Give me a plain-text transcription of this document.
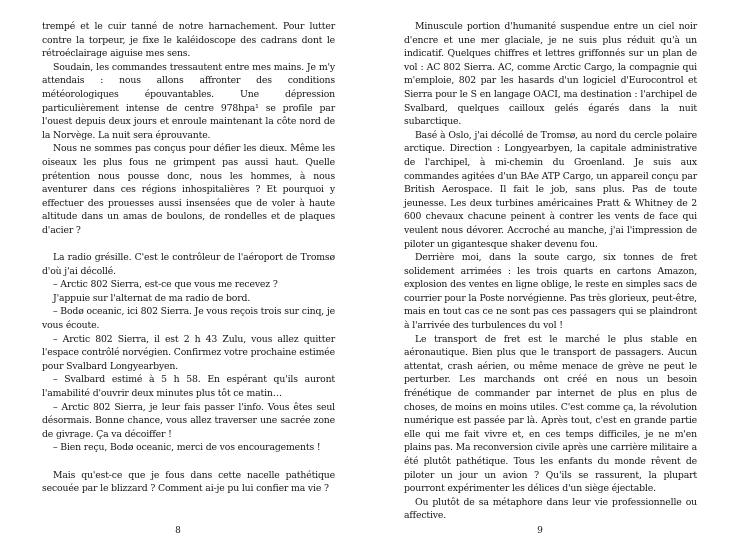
trempé et le cuir tanné de notre harnachement. Pour lutter contre la torpeur, je fixe le kaléidoscope des cadrans dont le rétroéclairage aiguise mes sens.

Soudain, les commandes tressautent entre mes mains. Je m'y attendais : nous allons affronter des conditions météorologiques épouvantables. Une dépression particulièrement intense de centre 978hpa¹ se profile par l'ouest depuis deux jours et enroule maintenant la côte nord de la Norvège. La nuit sera éprouvante.

Nous ne sommes pas conçus pour défier les dieux. Même les oiseaux les plus fous ne grimpent pas aussi haut. Quelle prétention nous pousse donc, nous les hommes, à nous aventurer dans ces régions inhospitalières ? Et pourquoi y effectuer des prouesses aussi insensées que de voler à haute altitude dans un amas de boulons, de rondelles et de plaques d'acier ?

La radio grésille. C'est le contrôleur de l'aéroport de Tromsø d'où j'ai décollé.

– Arctic 802 Sierra, est-ce que vous me recevez ?

J'appuie sur l'alternat de ma radio de bord.

– Bodø oceanic, ici 802 Sierra. Je vous reçois trois sur cinq, je vous écoute.

– Arctic 802 Sierra, il est 2 h 43 Zulu, vous allez quitter l'espace contrôlé norvégien. Confirmez votre prochaine estimée pour Svalbard Longyearbyen.

– Svalbard estimé à 5 h 58. En espérant qu'ils auront l'amabilité d'ouvrir deux minutes plus tôt ce matin…

– Arctic 802 Sierra, je leur fais passer l'info. Vous êtes seul désormais. Bonne chance, vous allez traverser une sacrée zone de givrage. Ça va décoiffer !

– Bien reçu, Bodø oceanic, merci de vos encouragements !

Mais qu'est-ce que je fous dans cette nacelle pathétique secouée par le blizzard ? Comment ai-je pu lui confier ma vie ?

8

Minuscule portion d'humanité suspendue entre un ciel noir d'encre et une mer glaciale, je ne suis plus réduit qu'à un indicatif. Quelques chiffres et lettres griffonnés sur un plan de vol : AC 802 Sierra. AC, comme Arctic Cargo, la compagnie qui m'emploie, 802 par les hasards d'un logiciel d'Eurocontrol et Sierra pour le S en langage OACI, ma destination : l'archipel de Svalbard, quelques cailloux gelés égarés dans la nuit subarctique.

Basé à Oslo, j'ai décollé de Tromsø, au nord du cercle polaire arctique. Direction : Longyearbyen, la capitale administrative de l'archipel, à mi-chemin du Groenland. Je suis aux commandes agitées d'un BAe ATP Cargo, un appareil conçu par British Aerospace. Il fait le job, sans plus. Pas de toute jeunesse. Les deux turbines américaines Pratt & Whitney de 2 600 chevaux chacune peinent à contrer les vents de face qui veulent nous dévorer. Accroché au manche, j'ai l'impression de piloter un gigantesque shaker devenu fou.

Derrière moi, dans la soute cargo, six tonnes de fret solidement arrimées : les trois quarts en cartons Amazon, explosion des ventes en ligne oblige, le reste en simples sacs de courrier pour la Poste norvégienne. Pas très glorieux, peut-être, mais en tout cas ce ne sont pas ces passagers qui se plaindront à l'arrivée des turbulences du vol !

Le transport de fret est le marché le plus stable en aéronautique. Bien plus que le transport de passagers. Aucun attentat, crash aérien, ou même menace de grève ne peut le perturber. Les marchands ont créé en nous un besoin frénétique de commander par internet de plus en plus de choses, de moins en moins utiles. C'est comme ça, la révolution numérique est passée par là. Après tout, c'est en grande partie elle qui me fait vivre et, en ces temps difficiles, je ne m'en plains pas. Ma reconversion civile après une carrière militaire a été plutôt pathétique. Tous les enfants du monde rêvent de piloter un jour un avion ? Qu'ils se rassurent, la plupart pourront expérimenter les délices d'un siège éjectable.

Ou plutôt de sa métaphore dans leur vie professionnelle ou affective.

9
